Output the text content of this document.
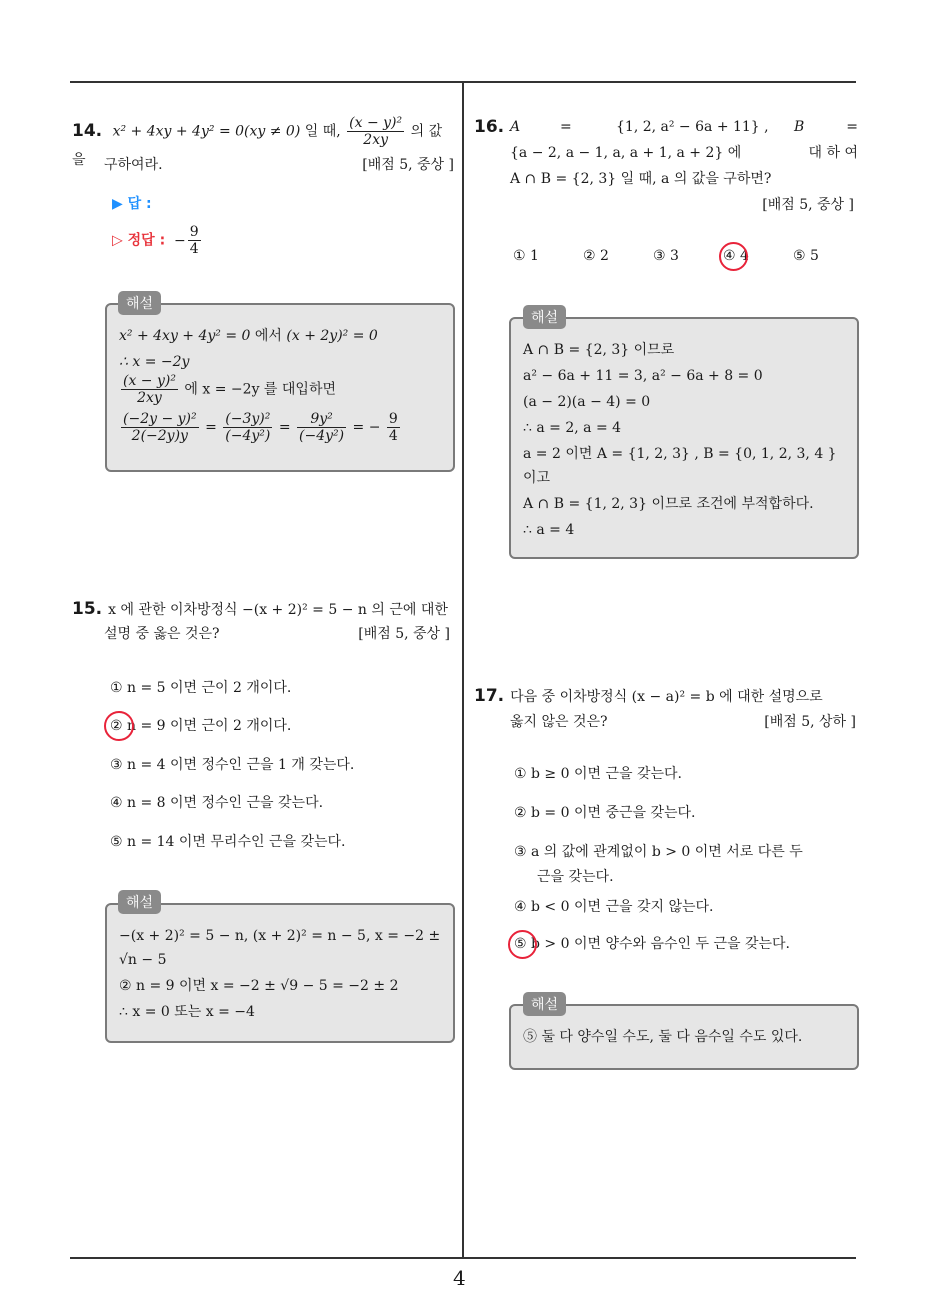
4
14. x² + 4xy + 4y² = 0(xy ≠ 0) 일 때, $\frac{\text{(x − y)²}}{2xy}$ 의 값을	구하여라.	[배점 5, 중상 ]
▶ 답 :
▷ 정답 : − $\frac{9}{4}$
x² + 4xy + 4y² = 0 에서 (x + 2y)² = 0
∴ x = −2y
$\frac{\text{(x − y)²}}{2xy}$ 에 x = −2y 를 대입하면
$\frac{\text{(−2y − y)²}}{2(-2y)y} = \frac{\text{(−3y)²}}{\text{(−4y²)}} = \frac{\text{9y²}}{\text{(−4y²)}}$ = − $\frac{9}{4}$
해설
15. x 에 관한 이차방정식 −(x + 2)² = 5 − n 의 근에 대한
설명 중 옳은 것은?	[배점 5, 중상 ]
① n = 5 이면 근이 2 개이다.
② n = 9 이면 근이 2 개이다.
③ n = 4 이면 정수인 근을 1 개 갖는다.
④ n = 8 이면 정수인 근을 갖는다.
⑤ n = 14 이면 무리수인 근을 갖는다.
−(x + 2)² = 5 − n, (x + 2)² = n − 5, x = −2 ±
√n − 5
② n = 9 이면 x = −2 ± √9 − 5 = −2 ± 2
∴ x = 0 또는 x = −4
해설
16. A	=	{1, 2, a² − 6a + 11} , B	=
{a − 2, a − 1, a, a + 1, a + 2} 에	대 하 여
A ∩ B = {2, 3} 일 때, a 의 값을 구하면?
[배점 5, 중상 ]
① 1	② 2	③ 3	④ 4	⑤ 5
A ∩ B = {2, 3} 이므로
a² − 6a + 11 = 3, a² − 6a + 8 = 0
(a − 2)(a − 4) = 0
∴ a = 2, a = 4
a = 2 이면 A = {1, 2, 3} , B = {0, 1, 2, 3, 4 }
이고
A ∩ B = {1, 2, 3} 이므로 조건에 부적합하다.
∴ a = 4
해설
17. 다음 중 이차방정식 (x − a)² = b 에 대한 설명으로
옳지 않은 것은?	[배점 5, 상하 ]
① b ≥ 0 이면 근을 갖는다.
② b = 0 이면 중근을 갖는다.
③ a 의 값에 관계없이 b > 0 이면 서로 다른 두
근을 갖는다.
④ b < 0 이면 근을 갖지 않는다.
⑤ b > 0 이면 양수와 음수인 두 근을 갖는다.
⑤ 둘 다 양수일 수도, 둘 다 음수일 수도 있다.
해설
